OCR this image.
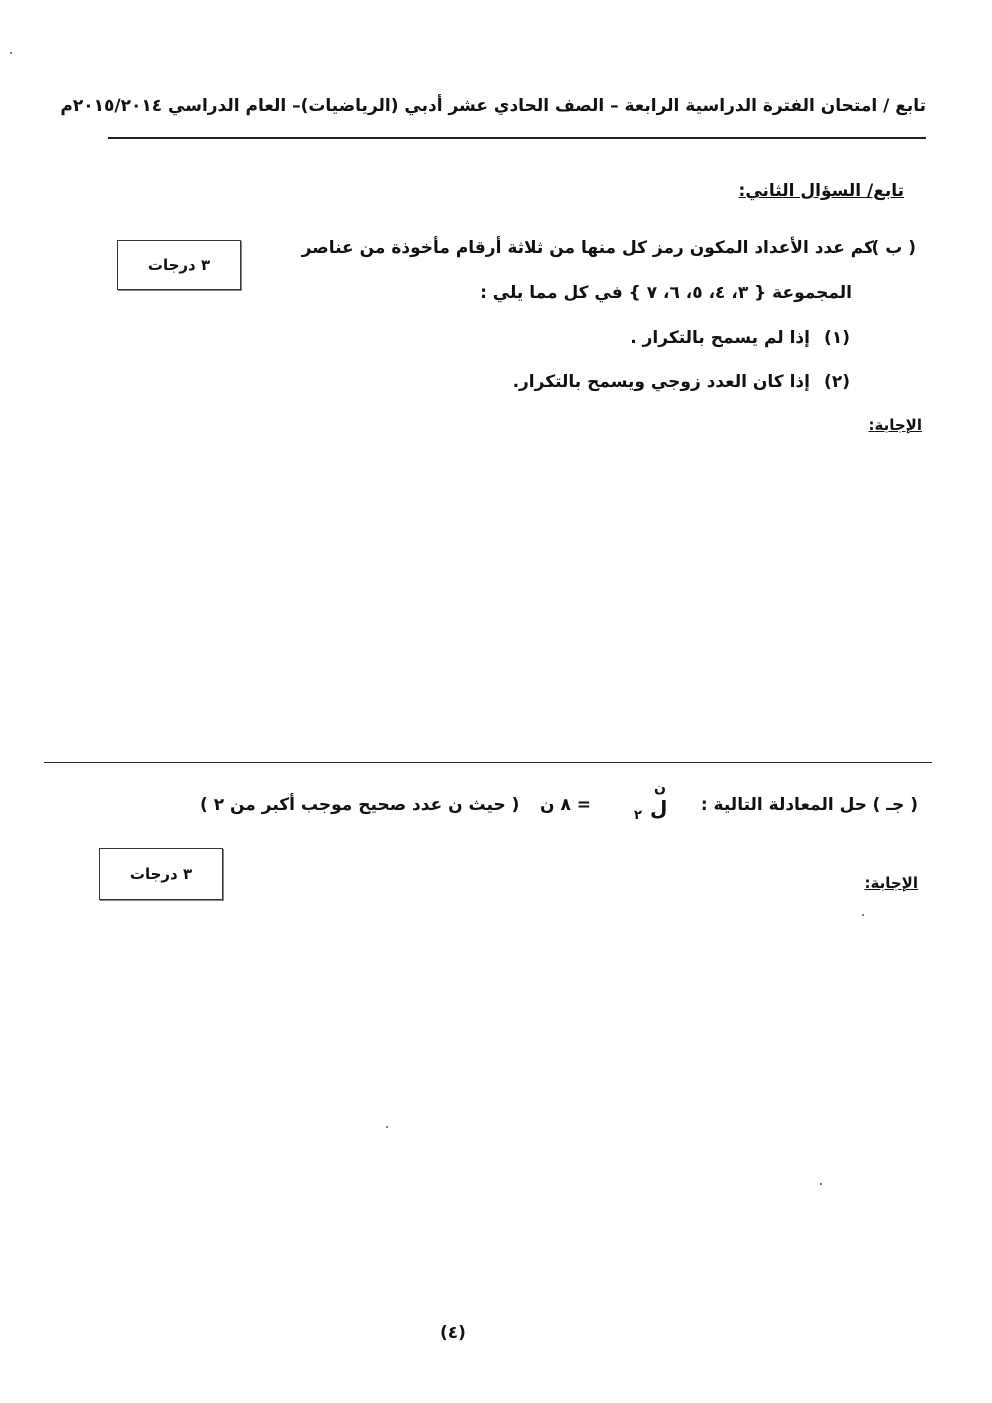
تابع / امتحان الفترة الدراسية الرابعة – الصف الحادي عشر أدبي (الرياضيات)– العام الدراسي ٢٠١٥/٢٠١٤م
تابع/ السؤال الثاني:
٣ درجات
( ب )
كم عدد الأعداد المكون رمز كل منها من ثلاثة أرقام مأخوذة من عناصر
المجموعة { ٣، ٤، ٥، ٦، ٧ } في كل مما يلي :
(١)
إذا لم يسمح بالتكرار .
(٢)
إذا كان العدد زوجي ويسمح بالتكرار.
الإجابة:
( جـ )
حل المعادلة التالية :
ن
ل
٢
= ٨ ن
( حيث ن عدد صحيح موجب أكبر من ٢ )
٣ درجات	الإجابة:
(٤)
